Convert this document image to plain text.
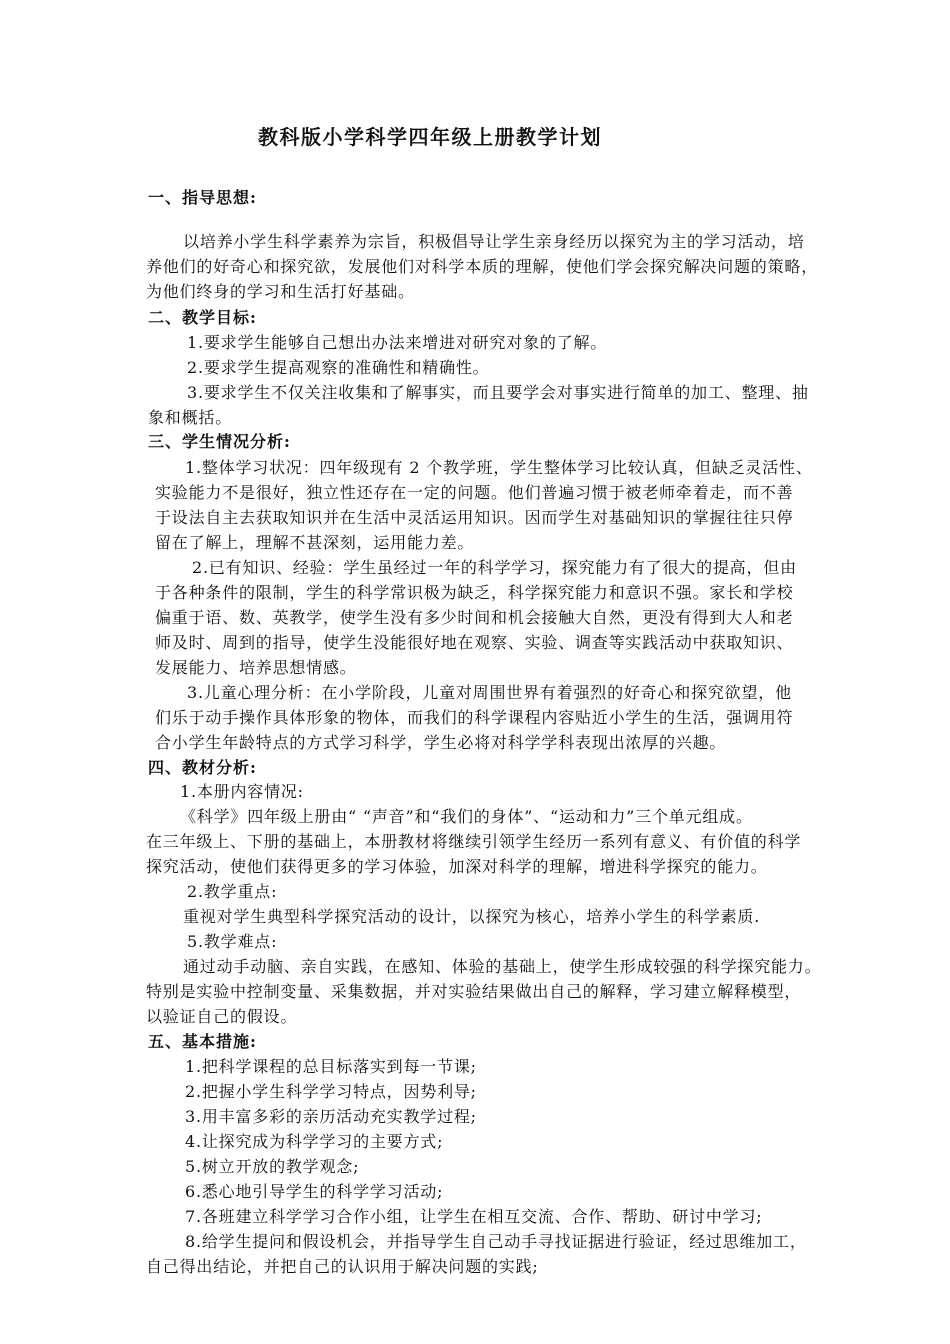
教科版小学科学四年级上册教学计划

一、指导思想:

以培养小学生科学素养为宗旨，积极倡导让学生亲身经历以探究为主的学习活动，培

养他们的好奇心和探究欲，发展他们对科学本质的理解，使他们学会探究解决问题的策略，

为他们终身的学习和生活打好基础。

二、教学目标:

1.要求学生能够自己想出办法来增进对研究对象的了解。

2.要求学生提高观察的准确性和精确性。

3.要求学生不仅关注收集和了解事实，而且要学会对事实进行简单的加工、整理、抽

象和概括。

三、学生情况分析:

1.整体学习状况：四年级现有 2 个教学班，学生整体学习比较认真，但缺乏灵活性、

实验能力不是很好，独立性还存在一定的问题。他们普遍习惯于被老师牵着走，而不善

于设法自主去获取知识并在生活中灵活运用知识。因而学生对基础知识的掌握往往只停

留在了解上，理解不甚深刻，运用能力差。

2.已有知识、经验：学生虽经过一年的科学学习，探究能力有了很大的提高，但由

于各种条件的限制，学生的科学常识极为缺乏，科学探究能力和意识不强。家长和学校

偏重于语、数、英教学，使学生没有多少时间和机会接触大自然，更没有得到大人和老

师及时、周到的指导，使学生没能很好地在观察、实验、调查等实践活动中获取知识、

发展能力、培养思想情感。

3.儿童心理分析：在小学阶段，儿童对周围世界有着强烈的好奇心和探究欲望，他

们乐于动手操作具体形象的物体，而我们的科学课程内容贴近小学生的生活，强调用符

合小学生年龄特点的方式学习科学，学生必将对科学学科表现出浓厚的兴趣。

四、教材分析:

1.本册内容情况:

《科学》四年级上册由“ “声音”和“我们的身体”、“运动和力”三个单元组成。

在三年级上、下册的基础上，本册教材将继续引领学生经历一系列有意义、有价值的科学

探究活动，使他们获得更多的学习体验，加深对科学的理解，增进科学探究的能力。

2.教学重点:

重视对学生典型科学探究活动的设计，以探究为核心，培养小学生的科学素质.

5.教学难点:

通过动手动脑、亲自实践，在感知、体验的基础上，使学生形成较强的科学探究能力。

特别是实验中控制变量、采集数据，并对实验结果做出自己的解释，学习建立解释模型，

以验证自己的假设。

五、基本措施:

1.把科学课程的总目标落实到每一节课;

2.把握小学生科学学习特点，因势利导;

3.用丰富多彩的亲历活动充实教学过程;

4.让探究成为科学学习的主要方式;

5.树立开放的教学观念;

6.悉心地引导学生的科学学习活动;

7.各班建立科学学习合作小组，让学生在相互交流、合作、帮助、研讨中学习;

8.给学生提问和假设机会，并指导学生自己动手寻找证据进行验证，经过思维加工，

自己得出结论，并把自己的认识用于解决问题的实践;
